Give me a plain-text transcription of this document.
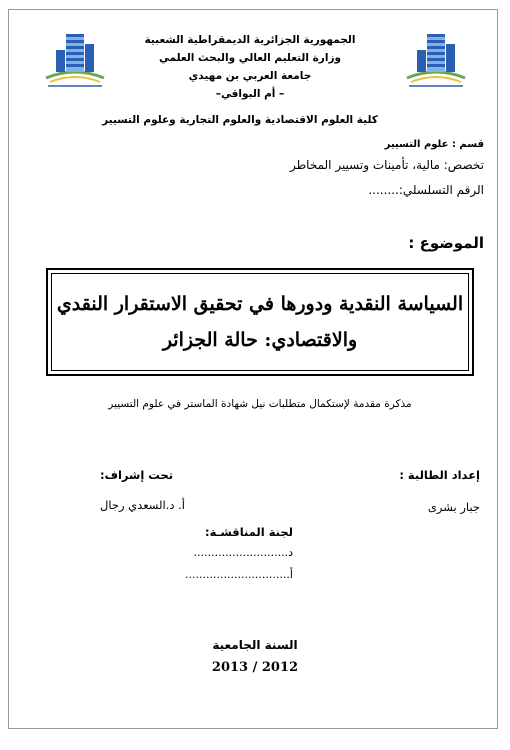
الجمهورية الجزائرية الديمقراطية الشعبية
وزارة التعليم العالي والبحث العلمي
جامعة العربي بن مهيدي
– أم البواقي–
كلية العلوم الاقتصادية والعلوم التجارية وعلوم التسيير
قسم : علوم التسيير
تخصص: مالية، تأمينات وتسيير المخاطر
الرقم التسلسلي:........
الموضوع :
السياسة النقدية ودورها في تحقيق الاستقرار النقدي
والاقتصادي: حالة الجزائر
مذكرة مقدمة لإستكمال متطلبات نيل شهادة الماستر في علوم التسيير
إعداد الطالبة :
جبار بشرى
تحت إشراف:
أ. د.السعدي رجال
لجنة المناقشـة:
د...........................
أ..............................
السنة الجامعية
2013 / 2012
